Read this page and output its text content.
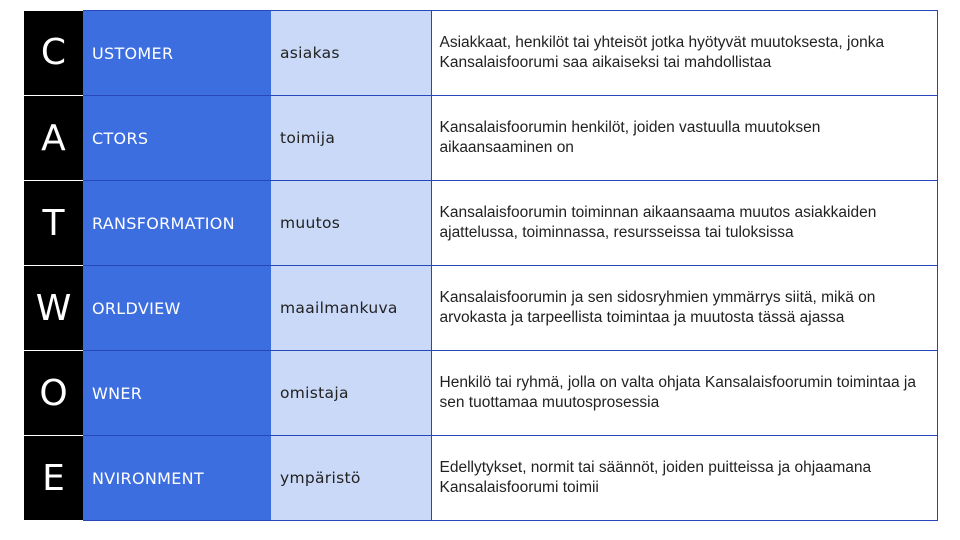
C	USTOMER	asiakas	Asiakkaat, henkilöt tai yhteisöt jotka hyötyvät muutoksesta, jonka Kansalaisfoorumi saa aikaiseksi tai mahdollistaa
A	CTORS	toimija	Kansalaisfoorumin henkilöt, joiden vastuulla muutoksen aikaansaaminen on
T	RANSFORMATION	muutos	Kansalaisfoorumin toiminnan aikaansaama muutos asiakkaiden ajattelussa, toiminnassa, resursseissa tai tuloksissa
W	ORLDVIEW	maailmankuva	Kansalaisfoorumin ja sen sidosryhmien ymmärrys siitä, mikä on arvokasta ja tarpeellista toimintaa ja muutosta tässä ajassa
O	WNER	omistaja	Henkilö tai ryhmä, jolla on valta ohjata Kansalaisfoorumin toimintaa ja sen tuottamaa muutosprosessia
E	NVIRONMENT	ympäristö	Edellytykset, normit tai säännöt, joiden puitteissa ja ohjaamana Kansalaisfoorumi toimii
